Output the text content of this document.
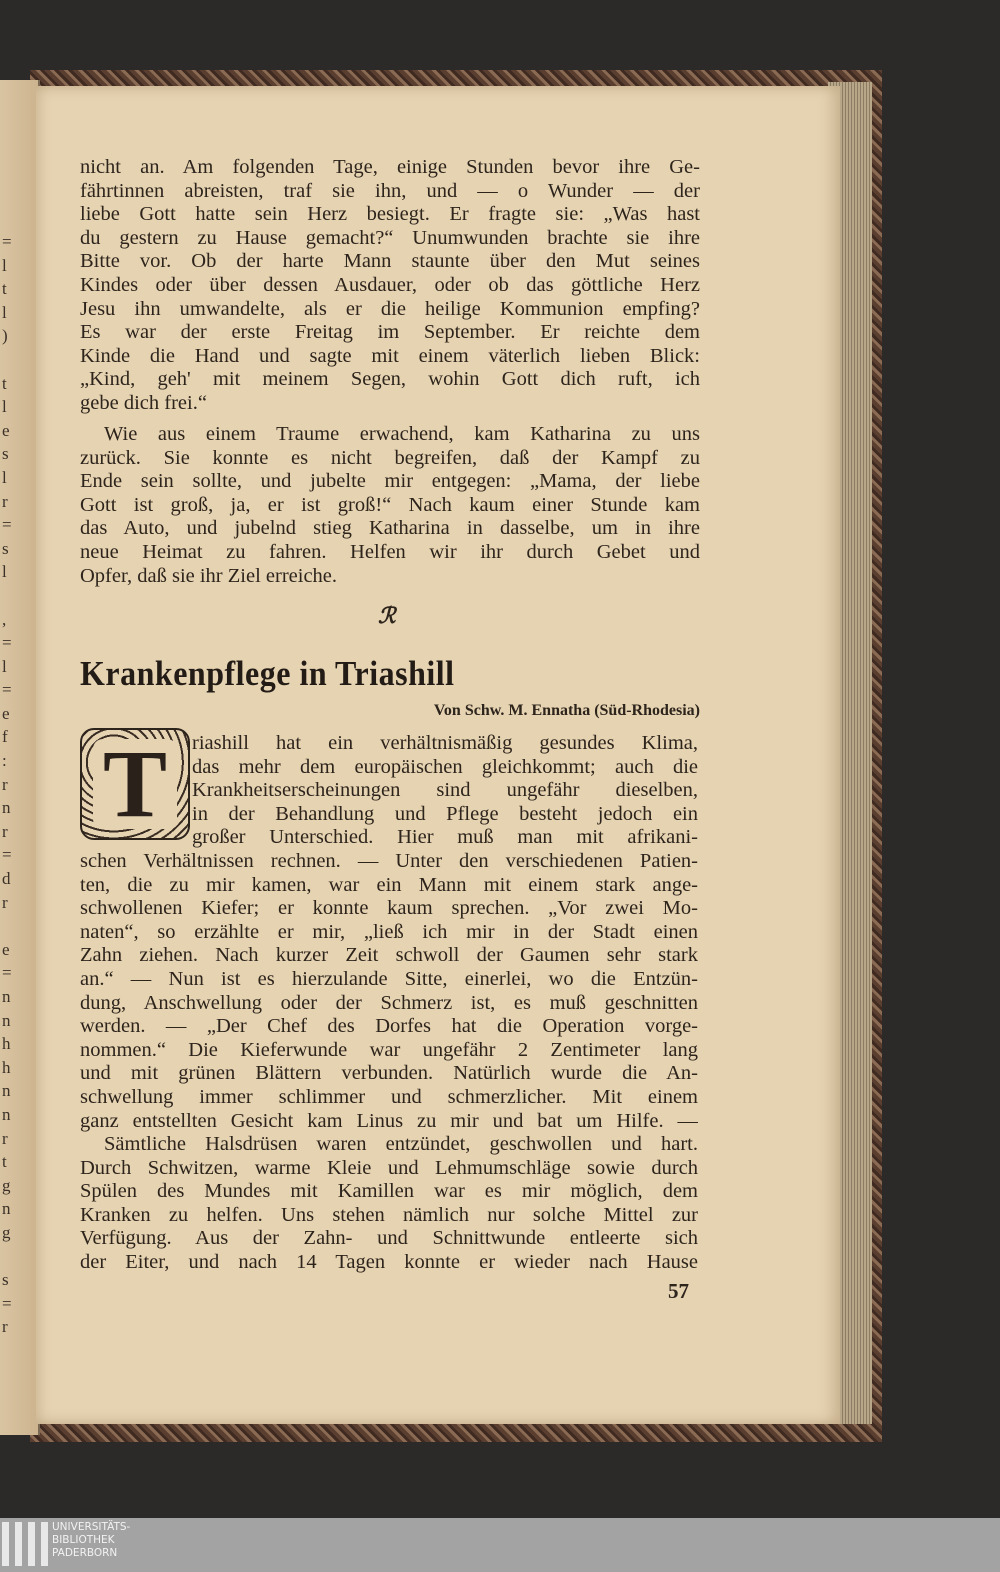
=
l
t
l
)
t
l
e
s
l
r
=
s
l
,
=
l
=
e
f
:
r
n
r
=
d
r
e
=
n
n
h
h
n
n
r
t
g
n
g
s
=
r
nicht an. Am folgenden Tage, einige Stunden bevor ihre Ge-
fährtinnen abreisten, traf sie ihn, und — o Wunder — der
liebe Gott hatte sein Herz besiegt. Er fragte sie: „Was hast
du gestern zu Hause gemacht?“ Unumwunden brachte sie ihre
Bitte vor. Ob der harte Mann staunte über den Mut seines
Kindes oder über dessen Ausdauer, oder ob das göttliche Herz
Jesu ihn umwandelte, als er die heilige Kommunion empfing?
Es war der erste Freitag im September. Er reichte dem
Kinde die Hand und sagte mit einem väterlich lieben Blick:
„Kind, geh' mit meinem Segen, wohin Gott dich ruft, ich
gebe dich frei.“
Wie aus einem Traume erwachend, kam Katharina zu uns
zurück. Sie konnte es nicht begreifen, daß der Kampf zu
Ende sein sollte, und jubelte mir entgegen: „Mama, der liebe
Gott ist groß, ja, er ist groß!“ Nach kaum einer Stunde kam
das Auto, und jubelnd stieg Katharina in dasselbe, um in ihre
neue Heimat zu fahren. Helfen wir ihr durch Gebet und
Opfer, daß sie ihr Ziel erreiche.
ℛ
Krankenpflege in Triashill
Von Schw. M. Ennatha (Süd-Rhodesia)
T	riashill hat ein verhältnismäßig gesundes Klima,
das mehr dem europäischen gleichkommt; auch die
Krankheitserscheinungen sind ungefähr dieselben,
in der Behandlung und Pflege besteht jedoch ein
großer Unterschied. Hier muß man mit afrikani-
schen Verhältnissen rechnen. — Unter den verschiedenen Patien-
ten, die zu mir kamen, war ein Mann mit einem stark ange-
schwollenen Kiefer; er konnte kaum sprechen. „Vor zwei Mo-
naten“, so erzählte er mir, „ließ ich mir in der Stadt einen
Zahn ziehen. Nach kurzer Zeit schwoll der Gaumen sehr stark
an.“ — Nun ist es hierzulande Sitte, einerlei, wo die Entzün-
dung, Anschwellung oder der Schmerz ist, es muß geschnitten
werden. — „Der Chef des Dorfes hat die Operation vorge-
nommen.“ Die Kieferwunde war ungefähr 2 Zentimeter lang
und mit grünen Blättern verbunden. Natürlich wurde die An-
schwellung immer schlimmer und schmerzlicher. Mit einem
ganz entstellten Gesicht kam Linus zu mir und bat um Hilfe. —
Sämtliche Halsdrüsen waren entzündet, geschwollen und hart.
Durch Schwitzen, warme Kleie und Lehmumschläge sowie durch
Spülen des Mundes mit Kamillen war es mir möglich, dem
Kranken zu helfen. Uns stehen nämlich nur solche Mittel zur
Verfügung. Aus der Zahn- und Schnittwunde entleerte sich
der Eiter, und nach 14 Tagen konnte er wieder nach Hause
57
UNIVERSITÄTS-
BIBLIOTHEK
PADERBORN
